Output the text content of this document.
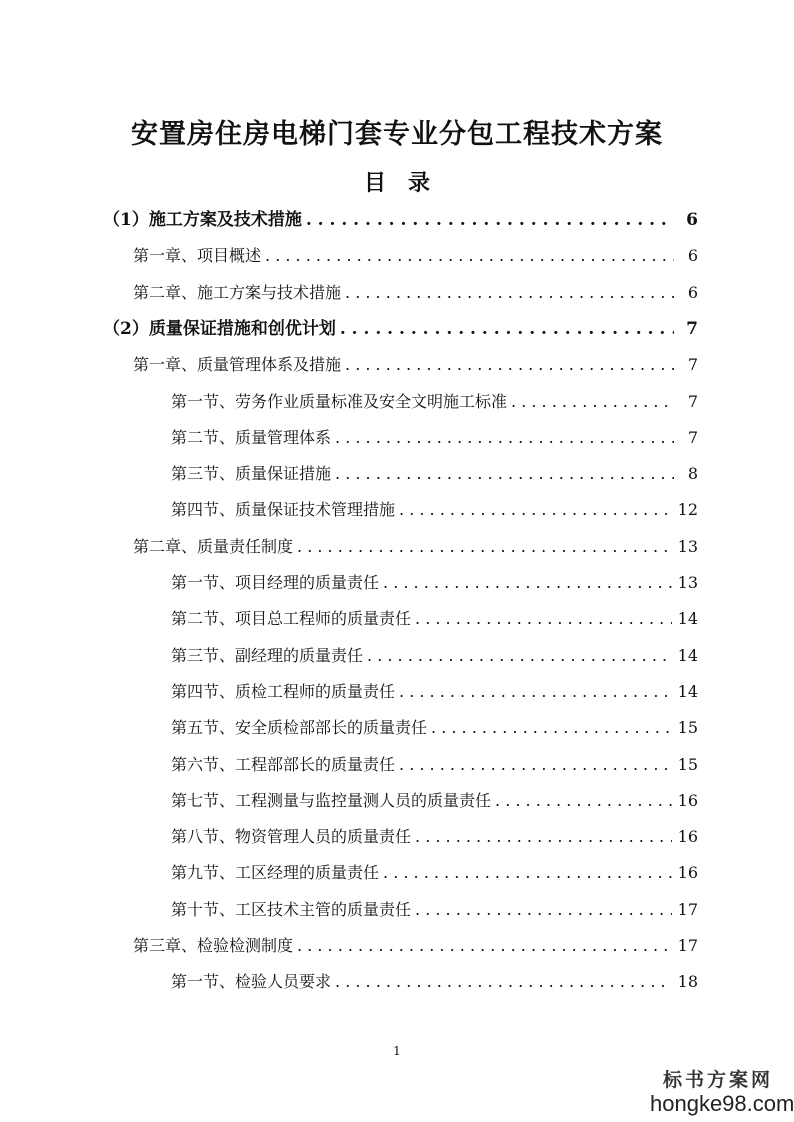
安置房住房电梯门套专业分包工程技术方案
目 录
（1）施工方案及技术措施 . . .	6
第一章、项目概述 . . .	6
第二章、施工方案与技术措施 . . .	6
（2）质量保证措施和创优计划 . . .	7
第一章、质量管理体系及措施 . . .	7
第一节、劳务作业质量标准及安全文明施工标准 . . .	7
第二节、质量管理体系 . . .	7
第三节、质量保证措施 . . .	8
第四节、质量保证技术管理措施 . . .	12
第二章、质量责任制度 . . .	13
第一节、项目经理的质量责任 . . .	13
第二节、项目总工程师的质量责任 . . .	14
第三节、副经理的质量责任 . . .	14
第四节、质检工程师的质量责任 . . .	14
第五节、安全质检部部长的质量责任 . . .	15
第六节、工程部部长的质量责任 . . .	15
第七节、工程测量与监控量测人员的质量责任 . . .	16
第八节、物资管理人员的质量责任 . . .	16
第九节、工区经理的质量责任 . . .	16
第十节、工区技术主管的质量责任 . . .	17
第三章、检验检测制度 . . .	17
第一节、检验人员要求 . . .	18
1
标书方案网
hongke98.com
